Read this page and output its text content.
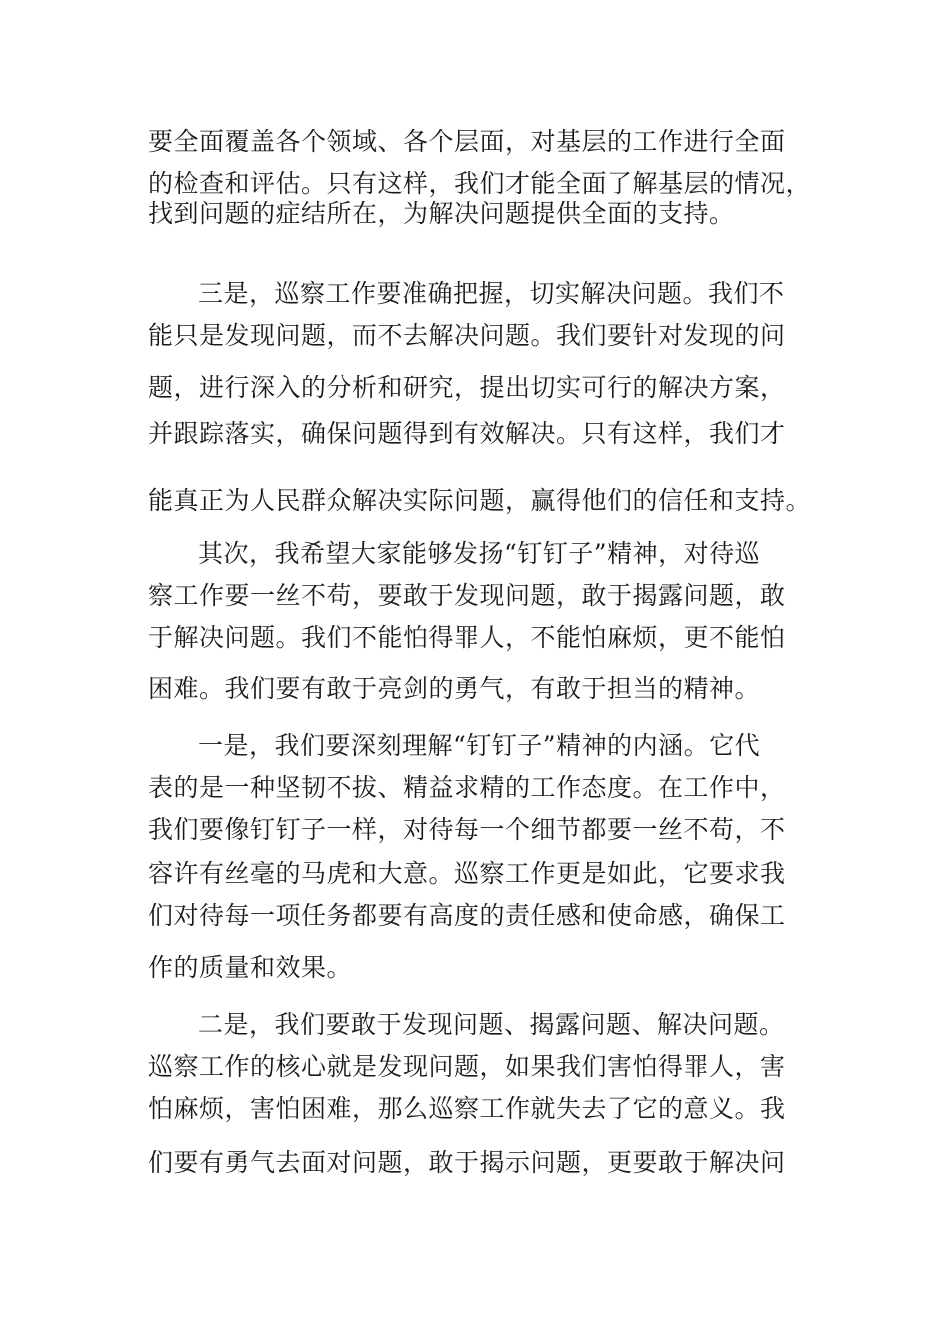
要全面覆盖各个领域、各个层面，对基层的工作进行全面
的检查和评估。只有这样，我们才能全面了解基层的情况，
找到问题的症结所在，为解决问题提供全面的支持。
三是，巡察工作要准确把握，切实解决问题。我们不
能只是发现问题，而不去解决问题。我们要针对发现的问
题，进行深入的分析和研究，提出切实可行的解决方案，
并跟踪落实，确保问题得到有效解决。只有这样，我们才
能真正为人民群众解决实际问题，赢得他们的信任和支持。
其次，我希望大家能够发扬“钉钉子”精神，对待巡
察工作要一丝不苟，要敢于发现问题，敢于揭露问题，敢
于解决问题。我们不能怕得罪人，不能怕麻烦，更不能怕
困难。我们要有敢于亮剑的勇气，有敢于担当的精神。
一是，我们要深刻理解“钉钉子”精神的内涵。它代
表的是一种坚韧不拔、精益求精的工作态度。在工作中，
我们要像钉钉子一样，对待每一个细节都要一丝不苟，不
容许有丝毫的马虎和大意。巡察工作更是如此，它要求我
们对待每一项任务都要有高度的责任感和使命感，确保工
作的质量和效果。
二是，我们要敢于发现问题、揭露问题、解决问题。
巡察工作的核心就是发现问题，如果我们害怕得罪人，害
怕麻烦，害怕困难，那么巡察工作就失去了它的意义。我
们要有勇气去面对问题，敢于揭示问题，更要敢于解决问
